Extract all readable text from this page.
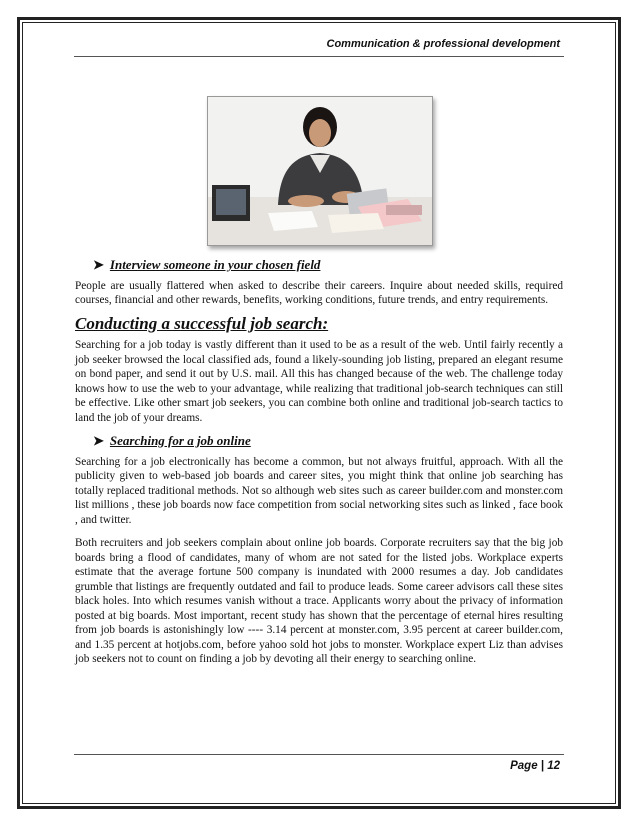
Communication & professional development
➤ Interview someone in your chosen field

People are usually flattered when asked to describe their careers. Inquire about needed skills, required courses, financial and other rewards, benefits, working conditions, future trends, and entry requirements.

Conducting a successful job search:

Searching for a job today is vastly different than it used to be as a result of the web. Until fairly recently a job seeker browsed the local classified ads, found a likely-sounding job listing, prepared an elegant resume on bond paper, and send it out by U.S. mail. All this has changed because of the web. The challenge today knows how to use the web to your advantage, while realizing that traditional job-search techniques can still be effective. Like other smart job seekers, you can combine both online and traditional job-search tactics to land the job of your dreams.

➤ Searching for a job online

Searching for a job electronically has become a common, but not always fruitful, approach. With all the publicity given to web-based job boards and career sites, you might think that online job searching has totally replaced traditional methods. Not so although web sites such as career builder.com and monster.com list millions , these job boards now face competition from social networking sites such as linked , face book , and twitter.

Both recruiters and job seekers complain about online job boards. Corporate recruiters say that the big job boards bring a flood of candidates, many of whom are not sated for the listed jobs. Workplace experts estimate that the average fortune 500 company is inundated with 2000 resumes a day. Job candidates grumble that listings are frequently outdated and fail to produce leads. Some career advisors call these sites black holes. Into which resumes vanish without a trace. Applicants worry about the privacy of information posted at big boards. Most important, recent study has shown that the percentage of eternal hires resulting from job boards is astonishingly low ---- 3.14 percent at monster.com, 3.95 percent at career builder.com, and 1.35 percent at hotjobs.com, before yahoo sold hot jobs to monster. Workplace expert Liz than advises job seekers not to count on finding a job by devoting all their energy to searching online.

Page | 12
